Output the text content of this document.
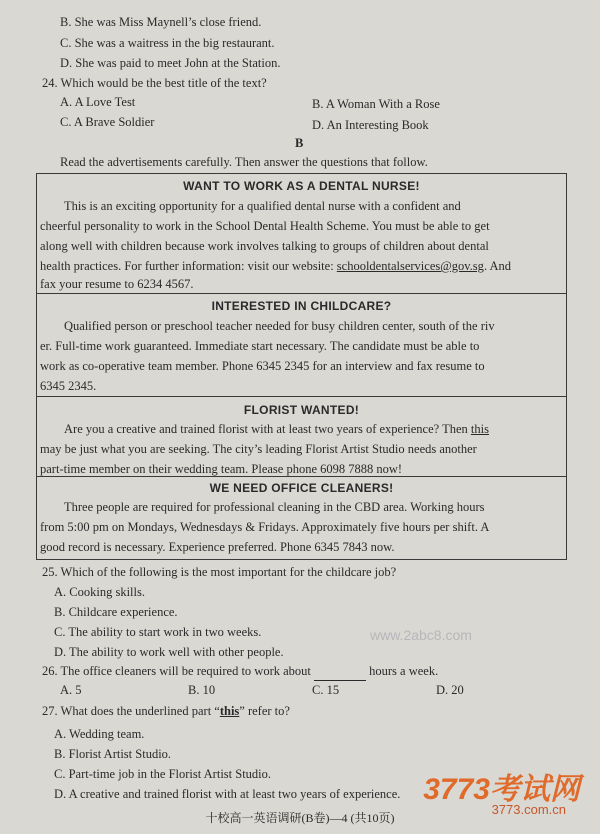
B. She was Miss Maynell’s close friend.
C. She was a waitress in the big restaurant.
D. She was paid to meet John at the Station.
24. Which would be the best title of the text?
A. A Love Test	B. A Woman With a Rose
C. A Brave Soldier	D. An Interesting Book
B
Read the advertisements carefully. Then answer the questions that follow.
WANT TO WORK AS A DENTAL NURSE!
This is an exciting opportunity for a qualified dental nurse with a confident and
cheerful personality to work in the School Dental Health Scheme. You must be able to get
along well with children because work involves talking to groups of children about dental
health practices. For further information: visit our website: schooldentalservices@gov.sg. And
fax your resume to 6234 4567.
INTERESTED IN CHILDCARE?
Qualified person or preschool teacher needed for busy children center, south of the riv
er. Full-time work guaranteed. Immediate start necessary. The candidate must be able to
work as co-operative team member. Phone 6345 2345 for an interview and fax resume to
6345 2345.
FLORIST WANTED!
Are you a creative and trained florist with at least two years of experience? Then this
may be just what you are seeking. The city’s leading Florist Artist Studio needs another
part-time member on their wedding team. Please phone 6098 7888 now!
WE NEED OFFICE CLEANERS!
Three people are required for professional cleaning in the CBD area. Working hours
from 5:00 pm on Mondays, Wednesdays & Fridays. Approximately five hours per shift. A
good record is necessary. Experience preferred. Phone 6345 7843 now.
25. Which of the following is the most important for the childcare job?
A. Cooking skills.
B. Childcare experience.
C. The ability to start work in two weeks.
D. The ability to work well with other people.
www.2abc8.com
26. The office cleaners will be required to work about	hours a week.
A. 5	B. 10	C. 15	D. 20
27. What does the underlined part “this” refer to?
A. Wedding team.
B. Florist Artist Studio.
C. Part-time job in the Florist Artist Studio.
D. A creative and trained florist with at least two years of experience. 3773考试网
3773.com.cn
十校高一英语调研(B卷)—4 (共10页)
